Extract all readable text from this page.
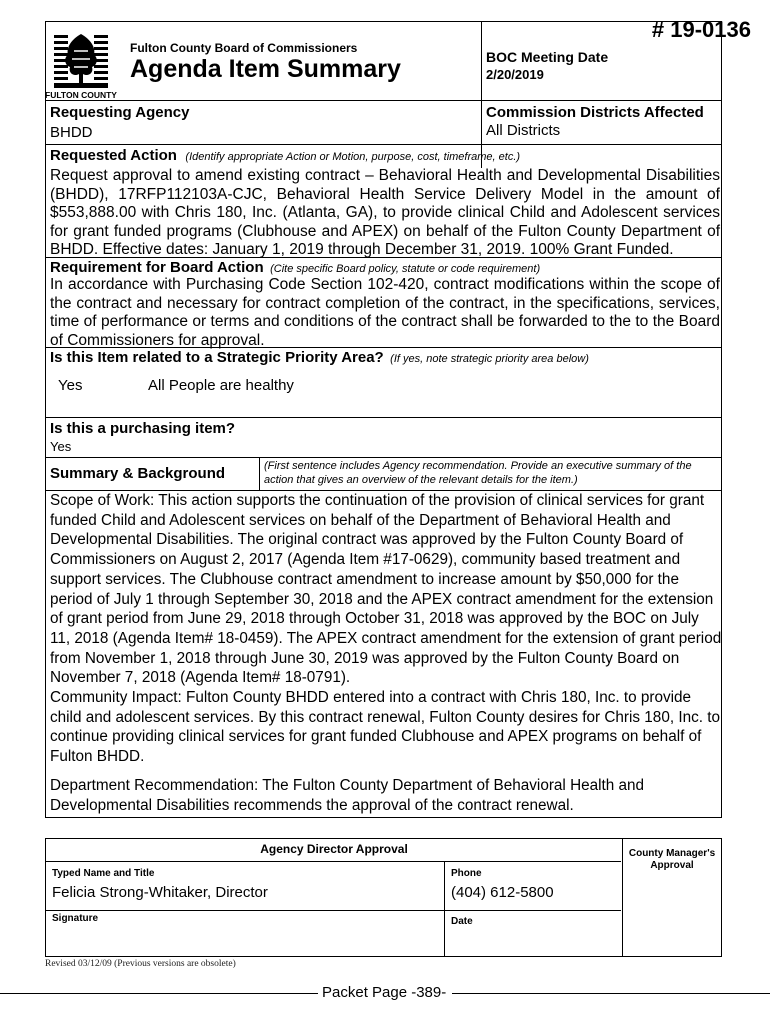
# 19-0136
FULTON COUNTY
Fulton County Board of Commissioners
Agenda Item Summary	BOC Meeting Date
2/20/2019
Requesting Agency
BHDD
Commission Districts Affected
All Districts
Requested Action (Identify appropriate Action or Motion, purpose, cost, timeframe, etc.)
Request approval to amend existing contract – Behavioral Health and Developmental Disabilities (BHDD), 17RFP112103A-CJC, Behavioral Health Service Delivery Model in the amount of $553,888.00 with Chris 180, Inc. (Atlanta, GA), to provide clinical Child and Adolescent services for grant funded programs (Clubhouse and APEX) on behalf of the Fulton County Department of BHDD. Effective dates: January 1, 2019 through December 31, 2019. 100% Grant Funded.
Requirement for Board Action (Cite specific Board policy, statute or code requirement)
In accordance with Purchasing Code Section 102-420, contract modifications within the scope of the contract and necessary for contract completion of the contract, in the specifications, services, time of performance or terms and conditions of the contract shall be forwarded to the to the Board of Commissioners for approval.
Is this Item related to a Strategic Priority Area? (If yes, note strategic priority area below)
Yes	All People are healthy
Is this a purchasing item?
Yes
Summary & Background	(First sentence includes Agency recommendation. Provide an executive summary of the action that gives an overview of the relevant details for the item.)
Scope of Work: This action supports the continuation of the provision of clinical services for grant funded Child and Adolescent services on behalf of the Department of Behavioral Health and Developmental Disabilities. The original contract was approved by the Fulton County Board of Commissioners on August 2, 2017 (Agenda Item #17-0629), community based treatment and support services. The Clubhouse contract amendment to increase amount by $50,000 for the period of July 1 through September 30, 2018 and the APEX contract amendment for the extension of grant period from June 29, 2018 through October 31, 2018 was approved by the BOC on July 11, 2018 (Agenda Item# 18-0459). The APEX contract amendment for the extension of grant period from November 1, 2018 through June 30, 2019 was approved by the Fulton County Board on November 7, 2018 (Agenda Item# 18-0791).
Community Impact: Fulton County BHDD entered into a contract with Chris 180, Inc. to provide child and adolescent services. By this contract renewal, Fulton County desires for Chris 180, Inc. to continue providing clinical services for grant funded Clubhouse and APEX programs on behalf of Fulton BHDD.
Department Recommendation: The Fulton County Department of Behavioral Health and Developmental Disabilities recommends the approval of the contract renewal.
Agency Director Approval	County Manager's Approval
Typed Name and Title
Felicia Strong-Whitaker, Director
Phone
(404) 612-5800
Signature	Date
Revised 03/12/09 (Previous versions are obsolete)
Packet Page -389-
